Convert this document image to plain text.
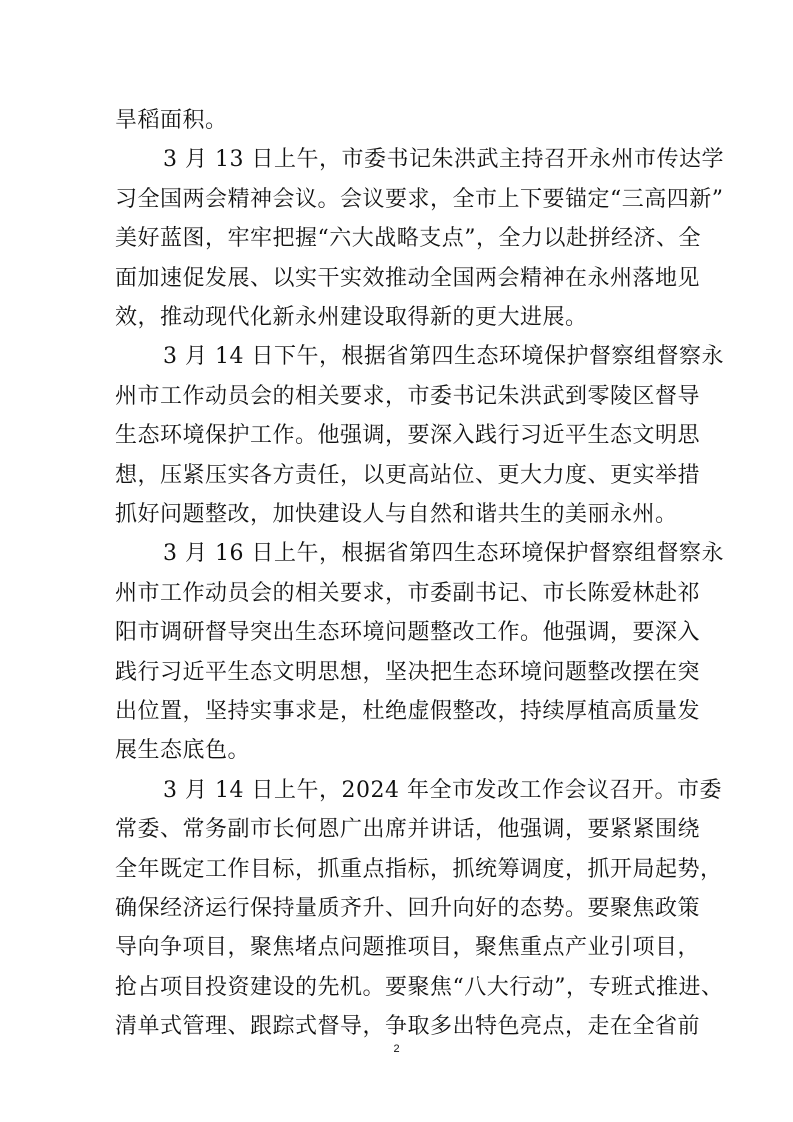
旱稻面积。
3 月 13 日上午，市委书记朱洪武主持召开永州市传达学
习全国两会精神会议。会议要求，全市上下要锚定“三高四新”
美好蓝图，牢牢把握“六大战略支点”，全力以赴拼经济、全
面加速促发展、以实干实效推动全国两会精神在永州落地见
效，推动现代化新永州建设取得新的更大进展。
3 月 14 日下午，根据省第四生态环境保护督察组督察永
州市工作动员会的相关要求，市委书记朱洪武到零陵区督导
生态环境保护工作。他强调，要深入践行习近平生态文明思
想，压紧压实各方责任，以更高站位、更大力度、更实举措
抓好问题整改，加快建设人与自然和谐共生的美丽永州。
3 月 16 日上午，根据省第四生态环境保护督察组督察永
州市工作动员会的相关要求，市委副书记、市长陈爱林赴祁
阳市调研督导突出生态环境问题整改工作。他强调，要深入
践行习近平生态文明思想，坚决把生态环境问题整改摆在突
出位置，坚持实事求是，杜绝虚假整改，持续厚植高质量发
展生态底色。
3 月 14 日上午，2024 年全市发改工作会议召开。市委
常委、常务副市长何恩广出席并讲话，他强调，要紧紧围绕
全年既定工作目标，抓重点指标，抓统筹调度，抓开局起势，
确保经济运行保持量质齐升、回升向好的态势。要聚焦政策
导向争项目，聚焦堵点问题推项目，聚焦重点产业引项目，
抢占项目投资建设的先机。要聚焦“八大行动”，专班式推进、
清单式管理、跟踪式督导，争取多出特色亮点，走在全省前
2
